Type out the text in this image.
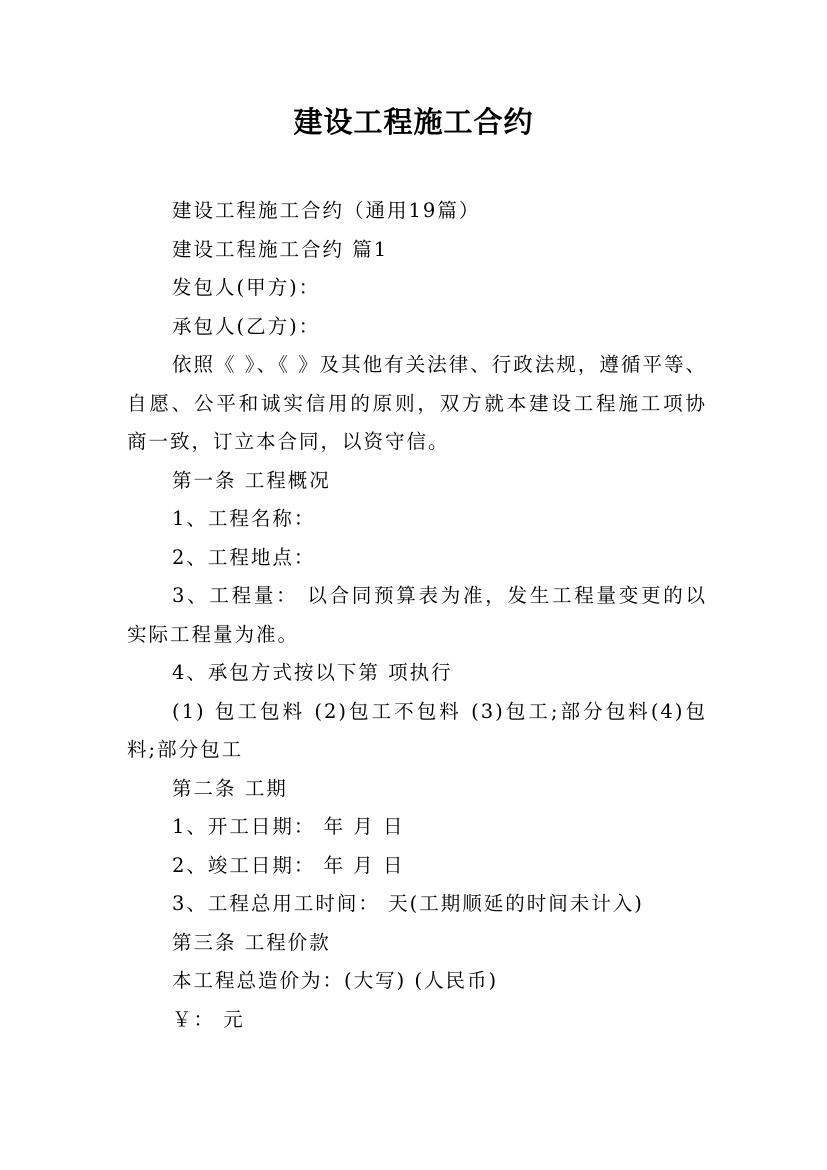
建设工程施工合约

建设工程施工合约（通用19篇）

建设工程施工合约 篇1

发包人(甲方)：

承包人(乙方)：

依照《 》、《 》及其他有关法律、行政法规，遵循平等、自愿、公平和诚实信用的原则，双方就本建设工程施工项协商一致，订立本合同，以资守信。

第一条 工程概况

1、工程名称：

2、工程地点：

3、工程量： 以合同预算表为准，发生工程量变更的以实际工程量为准。

4、承包方式按以下第 项执行

(1) 包工包料 (2)包工不包料 (3)包工;部分包料(4)包料;部分包工

第二条 工期

1、开工日期： 年 月 日

2、竣工日期： 年 月 日

3、工程总用工时间： 天(工期顺延的时间未计入)

第三条 工程价款

本工程总造价为：(大写) (人民币)

￥： 元
